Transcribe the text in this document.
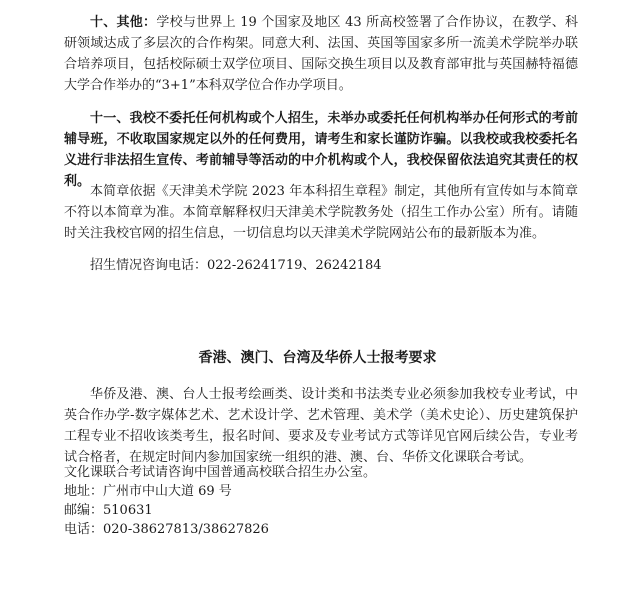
十、其他：学校与世界上 19 个国家及地区 43 所高校签署了合作协议，在教学、科研领域达成了多层次的合作构架。同意大利、法国、英国等国家多所一流美术学院举办联合培养项目，包括校际硕士双学位项目、国际交换生项目以及教育部审批与英国赫特福德大学合作举办的“3+1”本科双学位合作办学项目。

十一、我校不委托任何机构或个人招生，未举办或委托任何机构举办任何形式的考前辅导班，不收取国家规定以外的任何费用，请考生和家长谨防诈骗。以我校或我校委托名义进行非法招生宣传、考前辅导等活动的中介机构或个人，我校保留依法追究其责任的权利。

本简章依据《天津美术学院 2023 年本科招生章程》制定，其他所有宣传如与本简章不符以本简章为准。本简章解释权归天津美术学院教务处（招生工作办公室）所有。请随时关注我校官网的招生信息，一切信息均以天津美术学院网站公布的最新版本为准。

招生情况咨询电话：022-26241719、26242184

香港、澳门、台湾及华侨人士报考要求

华侨及港、澳、台人士报考绘画类、设计类和书法类专业必须参加我校专业考试，中英合作办学-数字媒体艺术、艺术设计学、艺术管理、美术学（美术史论）、历史建筑保护工程专业不招收该类考生，报名时间、要求及专业考试方式等详见官网后续公告，专业考试合格者，在规定时间内参加国家统一组织的港、澳、台、华侨文化课联合考试。

文化课联合考试请咨询中国普通高校联合招生办公室。

地址：广州市中山大道 69 号

邮编：510631

电话：020-38627813/38627826
